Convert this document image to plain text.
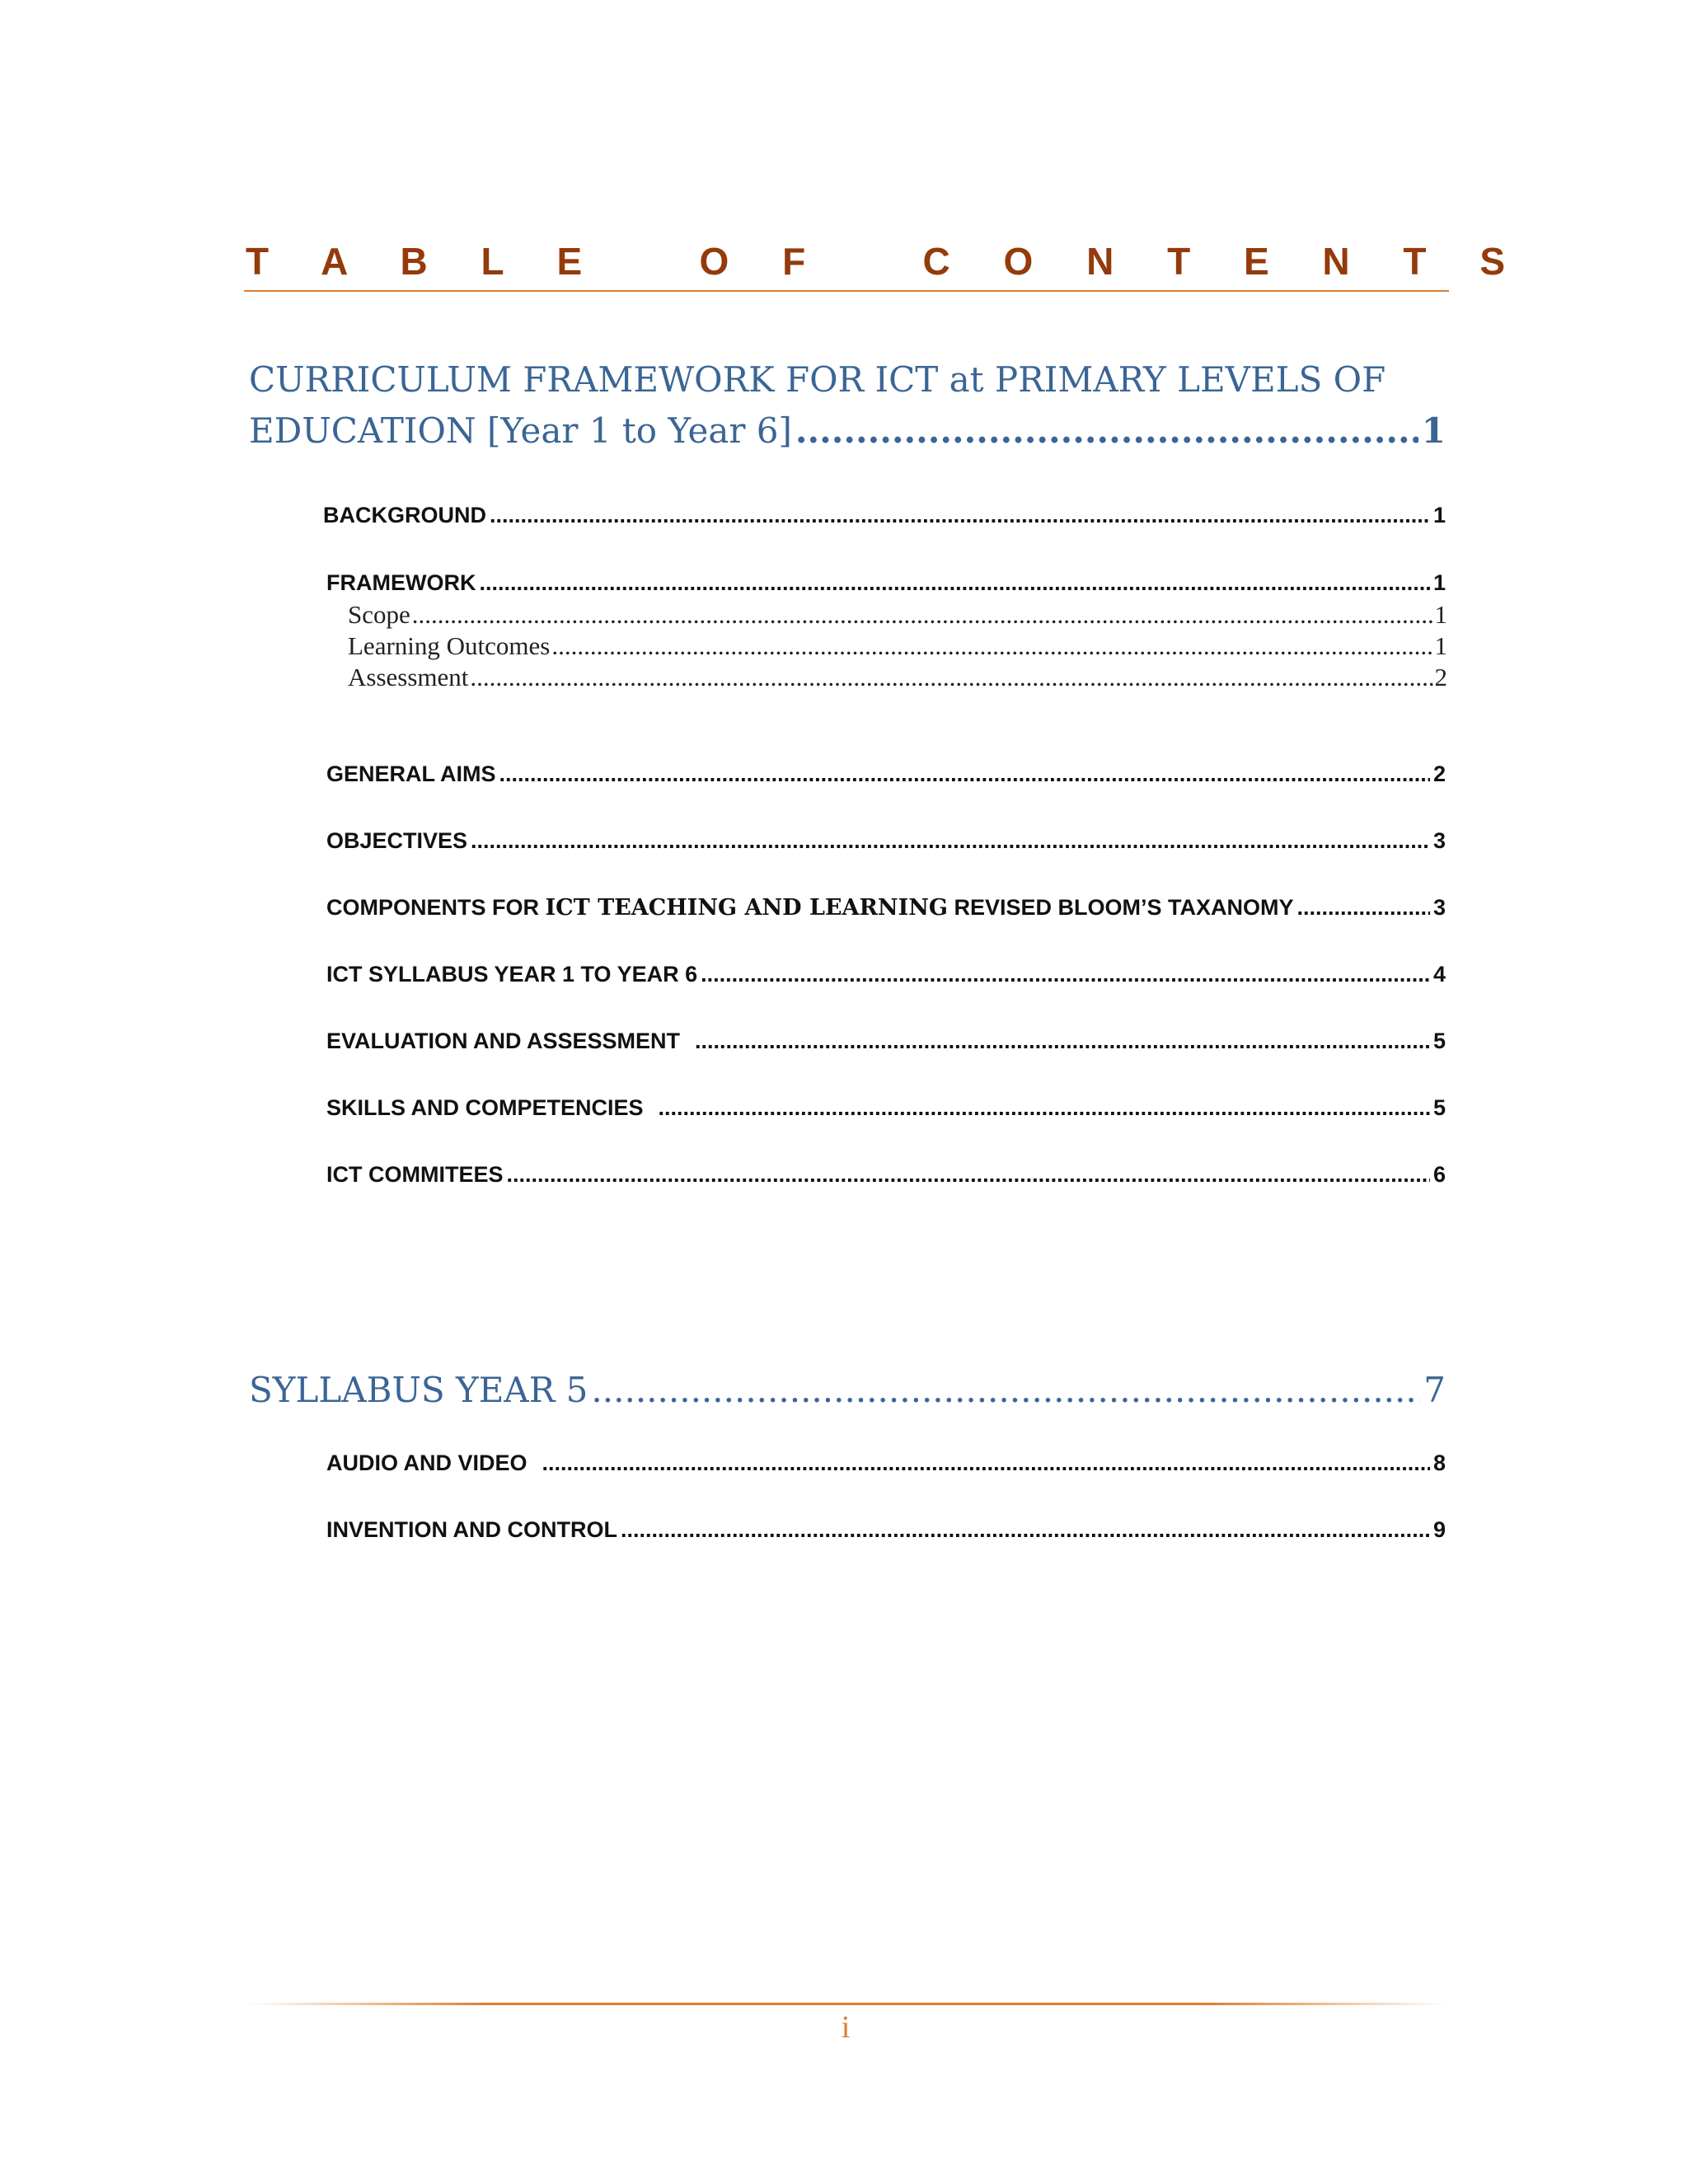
T A B L E   O F   C O N T E N T S
CURRICULUM FRAMEWORK FOR ICT at PRIMARY LEVELS OF
EDUCATION [Year 1 to Year 6] .....	1
BACKGROUND .....	1
FRAMEWORK .....	1
Scope .....	1
Learning Outcomes .....	1
Assessment .....	2
GENERAL AIMS .....	2
OBJECTIVES .....	3
COMPONENTS FOR ICT TEACHING AND LEARNING REVISED BLOOM’S TAXANOMY .....	3
ICT SYLLABUS YEAR 1 TO YEAR 6 .....	4
EVALUATION AND ASSESSMENT .....	5
SKILLS AND COMPETENCIES .....	5
ICT COMMITEES .....	6
SYLLABUS YEAR 5 .....	7
AUDIO AND VIDEO .....	8
INVENTION AND CONTROL .....	9
i
